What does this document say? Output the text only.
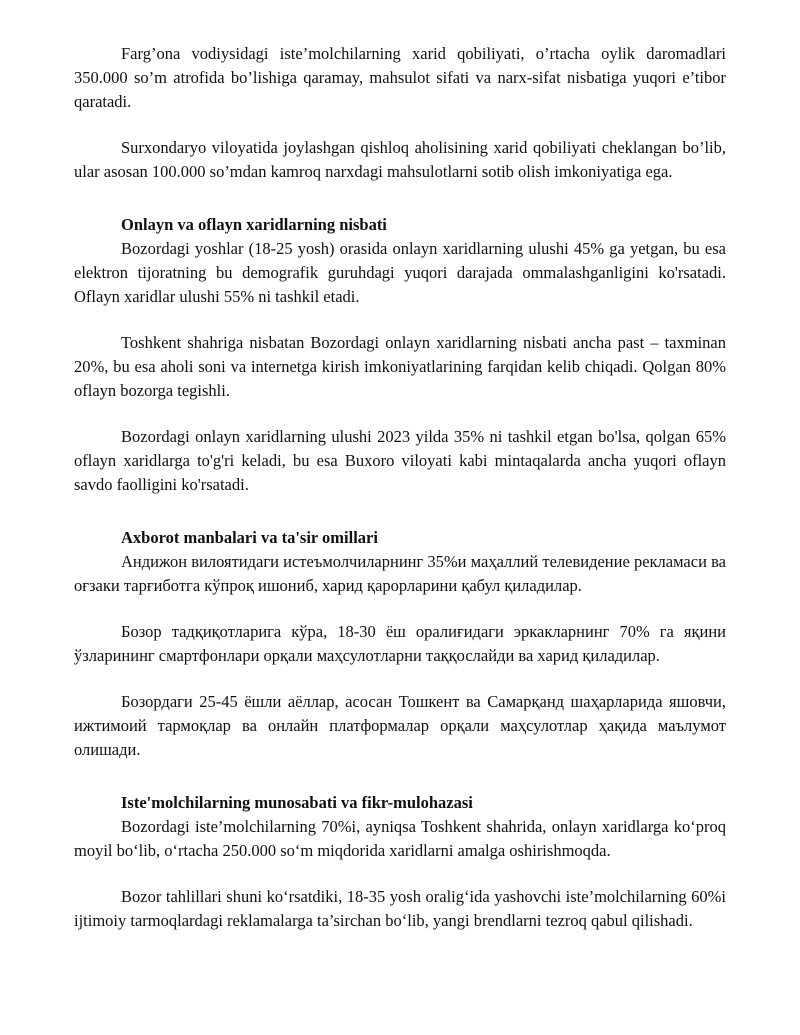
Farg’ona vodiysidagi iste’molchilarning xarid qobiliyati, o’rtacha oylik daromadlari 350.000 so’m atrofida bo’lishiga qaramay, mahsulot sifati va narx-sifat nisbatiga yuqori e’tibor qaratadi.

Surxondaryo viloyatida joylashgan qishloq aholisining xarid qobiliyati cheklangan bo’lib, ular asosan 100.000 so’mdan kamroq narxdagi mahsulotlarni sotib olish imkoniyatiga ega.

Onlayn va oflayn xaridlarning nisbati

Bozordagi yoshlar (18-25 yosh) orasida onlayn xaridlarning ulushi 45% ga yetgan, bu esa elektron tijoratning bu demografik guruhdagi yuqori darajada ommalashganligini ko'rsatadi. Oflayn xaridlar ulushi 55% ni tashkil etadi.

Toshkent shahriga nisbatan Bozordagi onlayn xaridlarning nisbati ancha past – taxminan 20%, bu esa aholi soni va internetga kirish imkoniyatlarining farqidan kelib chiqadi. Qolgan 80% oflayn bozorga tegishli.

Bozordagi onlayn xaridlarning ulushi 2023 yilda 35% ni tashkil etgan bo'lsa, qolgan 65% oflayn xaridlarga to'g'ri keladi, bu esa Buxoro viloyati kabi mintaqalarda ancha yuqori oflayn savdo faolligini ko'rsatadi.

Axborot manbalari va ta'sir omillari

Андижон вилоятидаги истеъмолчиларнинг 35%и маҳаллий телевидение рекламаси ва оғзаки тарғиботга кўпроқ ишониб, харид қарорларини қабул қиладилар.

Бозор тадқиқотларига кўра, 18-30 ёш оралиғидаги эркакларнинг 70% га яқини ўзларининг смартфонлари орқали маҳсулотларни таққослайди ва харид қиладилар.

Бозордаги 25-45 ёшли аёллар, асосан Тошкент ва Самарқанд шаҳарларида яшовчи, ижтимоий тармоқлар ва онлайн платформалар орқали маҳсулотлар ҳақида маълумот олишади.

Iste'molchilarning munosabati va fikr-mulohazasi

Bozordagi iste’molchilarning 70%i, ayniqsa Toshkent shahrida, onlayn xaridlarga ko‘proq moyil bo‘lib, o‘rtacha 250.000 so‘m miqdorida xaridlarni amalga oshirishmoqda.

Bozor tahlillari shuni ko‘rsatdiki, 18-35 yosh oralig‘ida yashovchi iste’molchilarning 60%i ijtimoiy tarmoqlardagi reklamalarga ta’sirchan bo‘lib, yangi brendlarni tezroq qabul qilishadi.
